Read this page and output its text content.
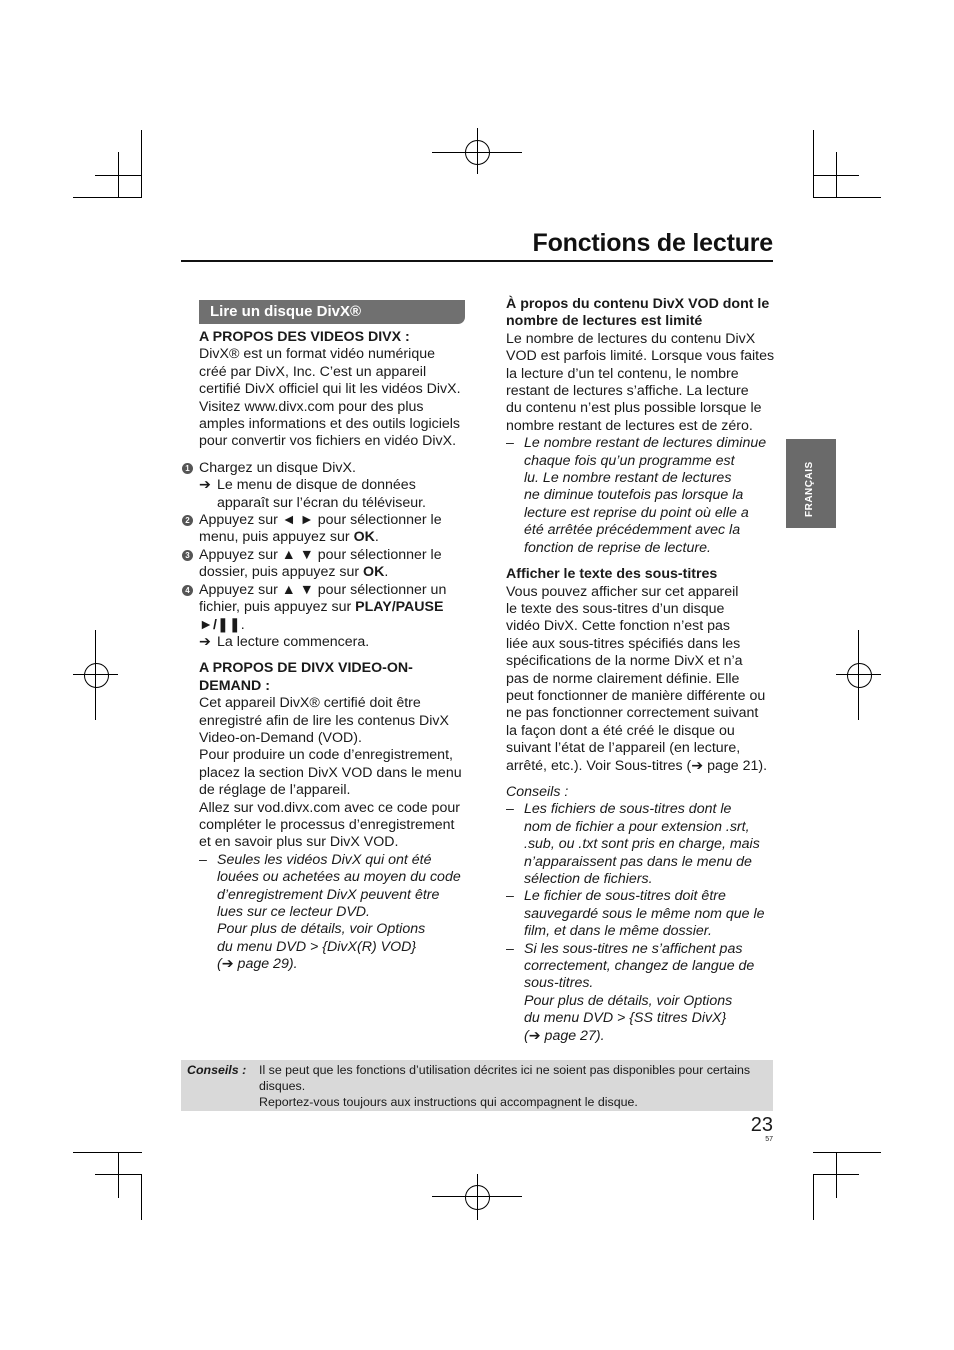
Fonctions de lecture
FRANÇAIS
Lire un disque DivX®

A PROPOS DES VIDEOS DIVX :

DivX® est un format vidéo numérique

créé par DivX, Inc. C’est un appareil

certifié DivX officiel qui lit les vidéos DivX.

Visitez www.divx.com pour des plus

amples informations et des outils logiciels

pour convertir vos fichiers en vidéo DivX.

1 Chargez un disque DivX.

➔ Le menu de disque de données

apparaît sur l’écran du téléviseur.

2 Appuyez sur ◄ ► pour sélectionner le

menu, puis appuyez sur OK.

3 Appuyez sur ▲ ▼ pour sélectionner le

dossier, puis appuyez sur OK.

4 Appuyez sur ▲ ▼ pour sélectionner un

fichier, puis appuyez sur PLAY/PAUSE

►/❚❚.

➔ La lecture commencera.

A PROPOS DE DIVX VIDEO-ON-

DEMAND :

Cet appareil DivX® certifié doit être

enregistré afin de lire les contenus DivX

Video-on-Demand (VOD).

Pour produire un code d’enregistrement,

placez la section DivX VOD dans le menu

de réglage de l’appareil.

Allez sur vod.divx.com avec ce code pour

compléter le processus d’enregistrement

et en savoir plus sur DivX VOD.

– Seules les vidéos DivX qui ont été

louées ou achetées au moyen du code

d’enregistrement DivX peuvent être

lues sur ce lecteur DVD.

Pour plus de détails, voir Options

du menu DVD > {DivX(R) VOD}

(➔ page 29).

À propos du contenu DivX VOD dont le

nombre de lectures est limité

Le nombre de lectures du contenu DivX

VOD est parfois limité. Lorsque vous faites

la lecture d’un tel contenu, le nombre

restant de lectures s’affiche. La lecture

du contenu n’est plus possible lorsque le

nombre restant de lectures est de zéro.

– Le nombre restant de lectures diminue

chaque fois qu’un programme est

lu. Le nombre restant de lectures

ne diminue toutefois pas lorsque la

lecture est reprise du point où elle a

été arrêtée précédemment avec la

fonction de reprise de lecture.

Afficher le texte des sous-titres

Vous pouvez afficher sur cet appareil

le texte des sous-titres d’un disque

vidéo DivX. Cette fonction n’est pas

liée aux sous-titres spécifiés dans les

spécifications de la norme DivX et n’a

pas de norme clairement définie. Elle

peut fonctionner de manière différente ou

ne pas fonctionner correctement suivant

la façon dont a été créé le disque ou

suivant l’état de l’appareil (en lecture,

arrêté, etc.). Voir Sous-titres (➔ page 21).

Conseils :

– Les fichiers de sous-titres dont le

nom de fichier a pour extension .srt,

.sub, ou .txt sont pris en charge, mais

n’apparaissent pas dans le menu de

sélection de fichiers.

– Le fichier de sous-titres doit être

sauvegardé sous le même nom que le

film, et dans le même dossier.

– Si les sous-titres ne s’affichent pas

correctement, changez de langue de

sous-titres.

Pour plus de détails, voir Options

du menu DVD > {SS titres DivX}

(➔ page 27).

Conseils : Il se peut que les fonctions d’utilisation décrites ici ne soient pas disponibles pour certains

disques.

Reportez-vous toujours aux instructions qui accompagnent le disque.

23
57
